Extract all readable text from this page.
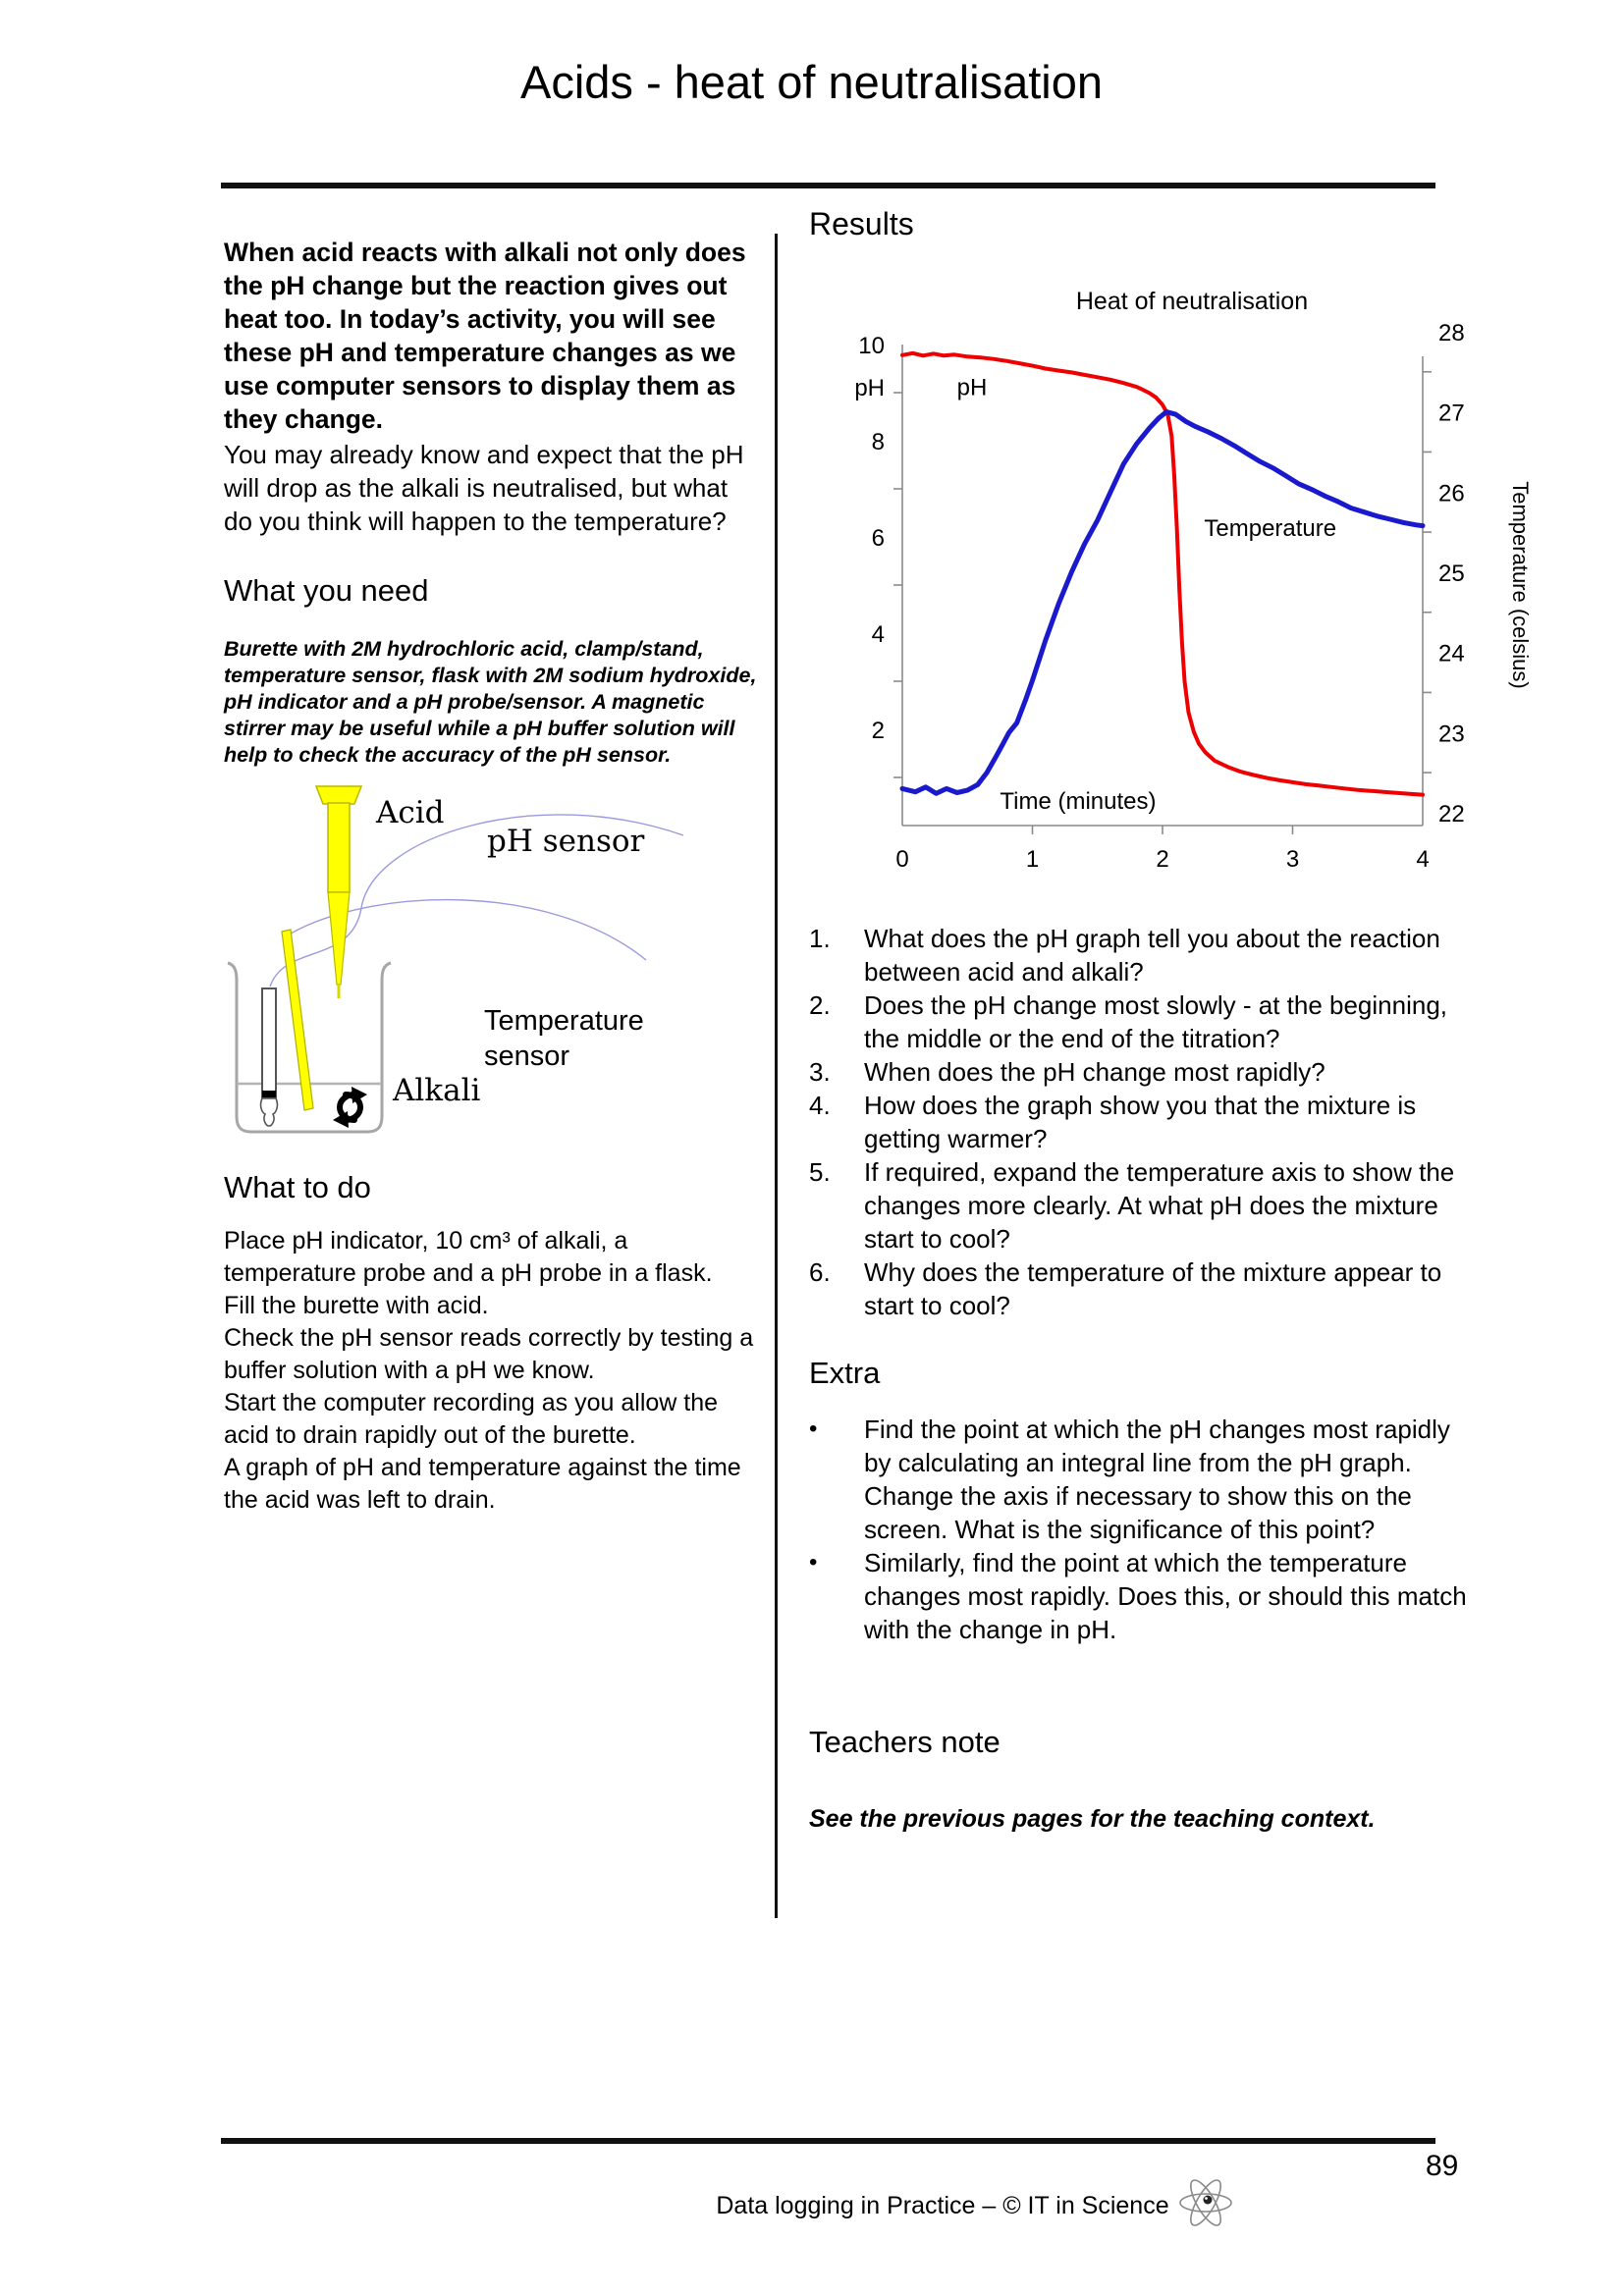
Acids - heat of neutralisation
When acid reacts with alkali not only does the pH change but the reaction gives out heat too. In today’s activity, you will see these pH and temperature changes as we use computer sensors to display them as they change.
You may already know and expect that the pH will drop as the alkali is neutralised, but what do you think will happen to the temperature?
What you need
Burette with 2M hydrochloric acid, clamp/stand, temperature sensor, flask with 2M sodium hydroxide, pH indicator and a pH probe/sensor. A magnetic stirrer may be useful while a pH buffer solution will help to check the accuracy of the pH sensor.
Acid
pH sensor
Temperature
sensor
Alkali
What to do

Place pH indicator, 10 cm³ of alkali, a temperature probe and a pH probe in a flask.

Fill the burette with acid.

Check the pH sensor reads correctly by testing a buffer solution with a pH we know.

Start the computer recording as you allow the acid to drain rapidly out of the burette.

A graph of pH and temperature against the time the acid was left to drain.

Results
Heat of neutralisation
10
8
6
4
2
pH
28
27
26
25
24
23
22
Temperature (celsius)
0	1	2	3	4
pH
Temperature
Time (minutes)
1.	What does the pH graph tell you about the reaction between acid and alkali?
2.	Does the pH change most slowly - at the beginning, the middle or the end of the titration?
3.	When does the pH change most rapidly?
4.	How does the graph show you that the mixture is getting warmer?
5.	If required, expand the temperature axis to show the changes more clearly. At what pH does the mixture start to cool?
6.	Why does the temperature of the mixture appear to start to cool?
Extra
•	Find the point at which the pH changes most rapidly by calculating an integral line from the pH graph. Change the axis if necessary to show this on the screen. What is the significance of this point?
•	Similarly, find the point at which the temperature changes most rapidly. Does this, or should this match with the change in pH.
Teachers note
See the previous pages for the teaching context.
89
Data logging in Practice – © IT in Science
